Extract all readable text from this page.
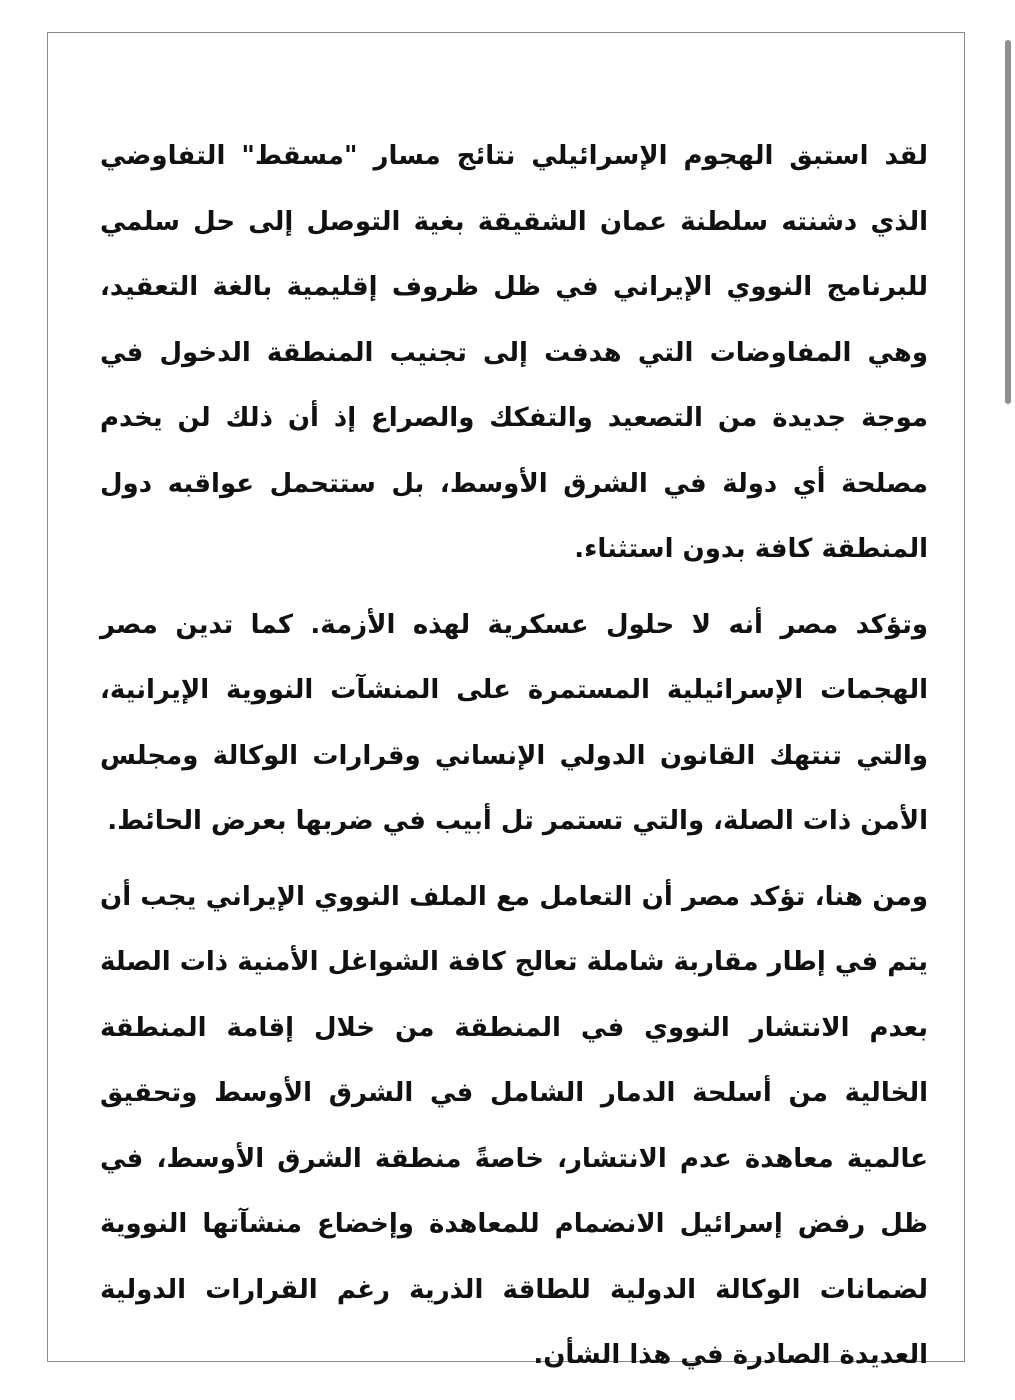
لقد استبق الهجوم الإسرائيلي نتائج مسار "مسقط" التفاوضي الذي دشنته سلطنة عمان الشقيقة بغية التوصل إلى حل سلمي للبرنامج النووي الإيراني في ظل ظروف إقليمية بالغة التعقيد، وهي المفاوضات التي هدفت إلى تجنيب المنطقة الدخول في موجة جديدة من التصعيد والتفكك والصراع إذ أن ذلك لن يخدم مصلحة أي دولة في الشرق الأوسط، بل ستتحمل عواقبه دول المنطقة كافة بدون استثناء.

وتؤكد مصر أنه لا حلول عسكرية لهذه الأزمة. كما تدين مصر الهجمات الإسرائيلية المستمرة على المنشآت النووية الإيرانية، والتي تنتهك القانون الدولي الإنساني وقرارات الوكالة ومجلس الأمن ذات الصلة، والتي تستمر تل أبيب في ضربها بعرض الحائط.

ومن هنا، تؤكد مصر أن التعامل مع الملف النووي الإيراني يجب أن يتم في إطار مقاربة شاملة تعالج كافة الشواغل الأمنية ذات الصلة بعدم الانتشار النووي في المنطقة من خلال إقامة المنطقة الخالية من أسلحة الدمار الشامل في الشرق الأوسط وتحقيق عالمية معاهدة عدم الانتشار، خاصةً منطقة الشرق الأوسط، في ظل رفض إسرائيل الانضمام للمعاهدة وإخضاع منشآتها النووية لضمانات الوكالة الدولية للطاقة الذرية رغم القرارات الدولية العديدة الصادرة في هذا الشأن.
